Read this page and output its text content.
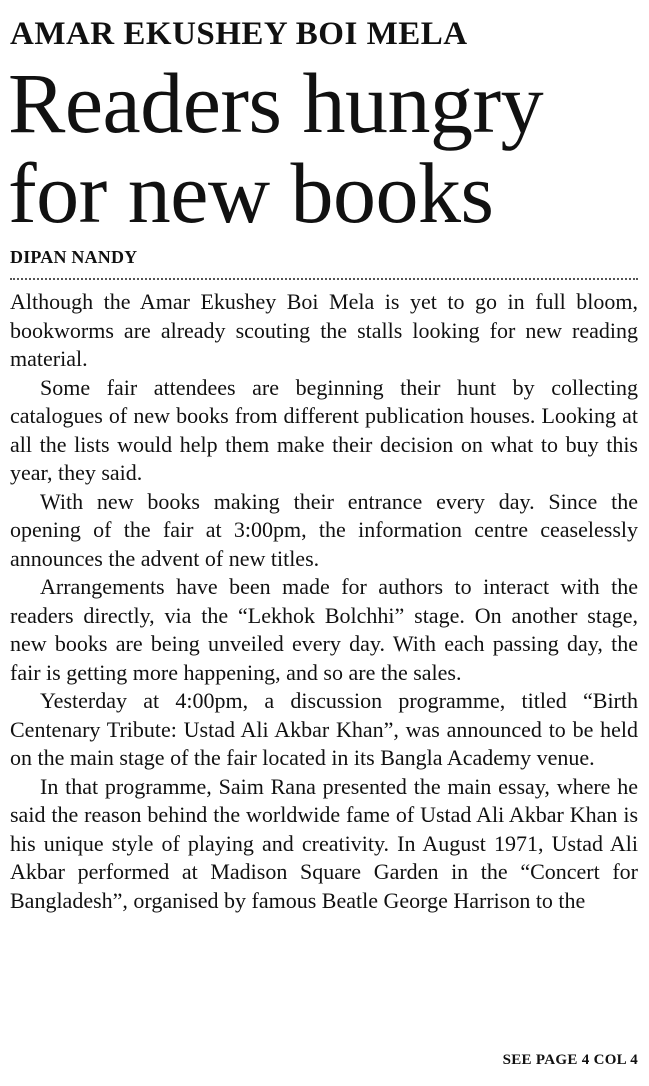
AMAR EKUSHEY BOI MELA
Readers hungry
for new books
DIPAN NANDY

Although the Amar Ekushey Boi Mela is yet to go in full bloom, bookworms are already scouting the stalls looking for new reading material.

Some fair attendees are beginning their hunt by collecting catalogues of new books from different publication houses. Looking at all the lists would help them make their decision on what to buy this year, they said.

With new books making their entrance every day. Since the opening of the fair at 3:00pm, the information centre ceaselessly announces the advent of new titles.

Arrangements have been made for authors to interact with the readers directly, via the “Lekhok Bolchhi” stage. On another stage, new books are being unveiled every day. With each passing day, the fair is getting more happening, and so are the sales.

Yesterday at 4:00pm, a discussion programme, titled “Birth Centenary Tribute: Ustad Ali Akbar Khan”, was announced to be held on the main stage of the fair located in its Bangla Academy venue.

In that programme, Saim Rana presented the main essay, where he said the reason behind the worldwide fame of Ustad Ali Akbar Khan is his unique style of playing and creativity. In August 1971, Ustad Ali Akbar performed at Madison Square Garden in the “Concert for Bangladesh”, organised by famous Beatle George Harrison to the

SEE PAGE 4 COL 4
